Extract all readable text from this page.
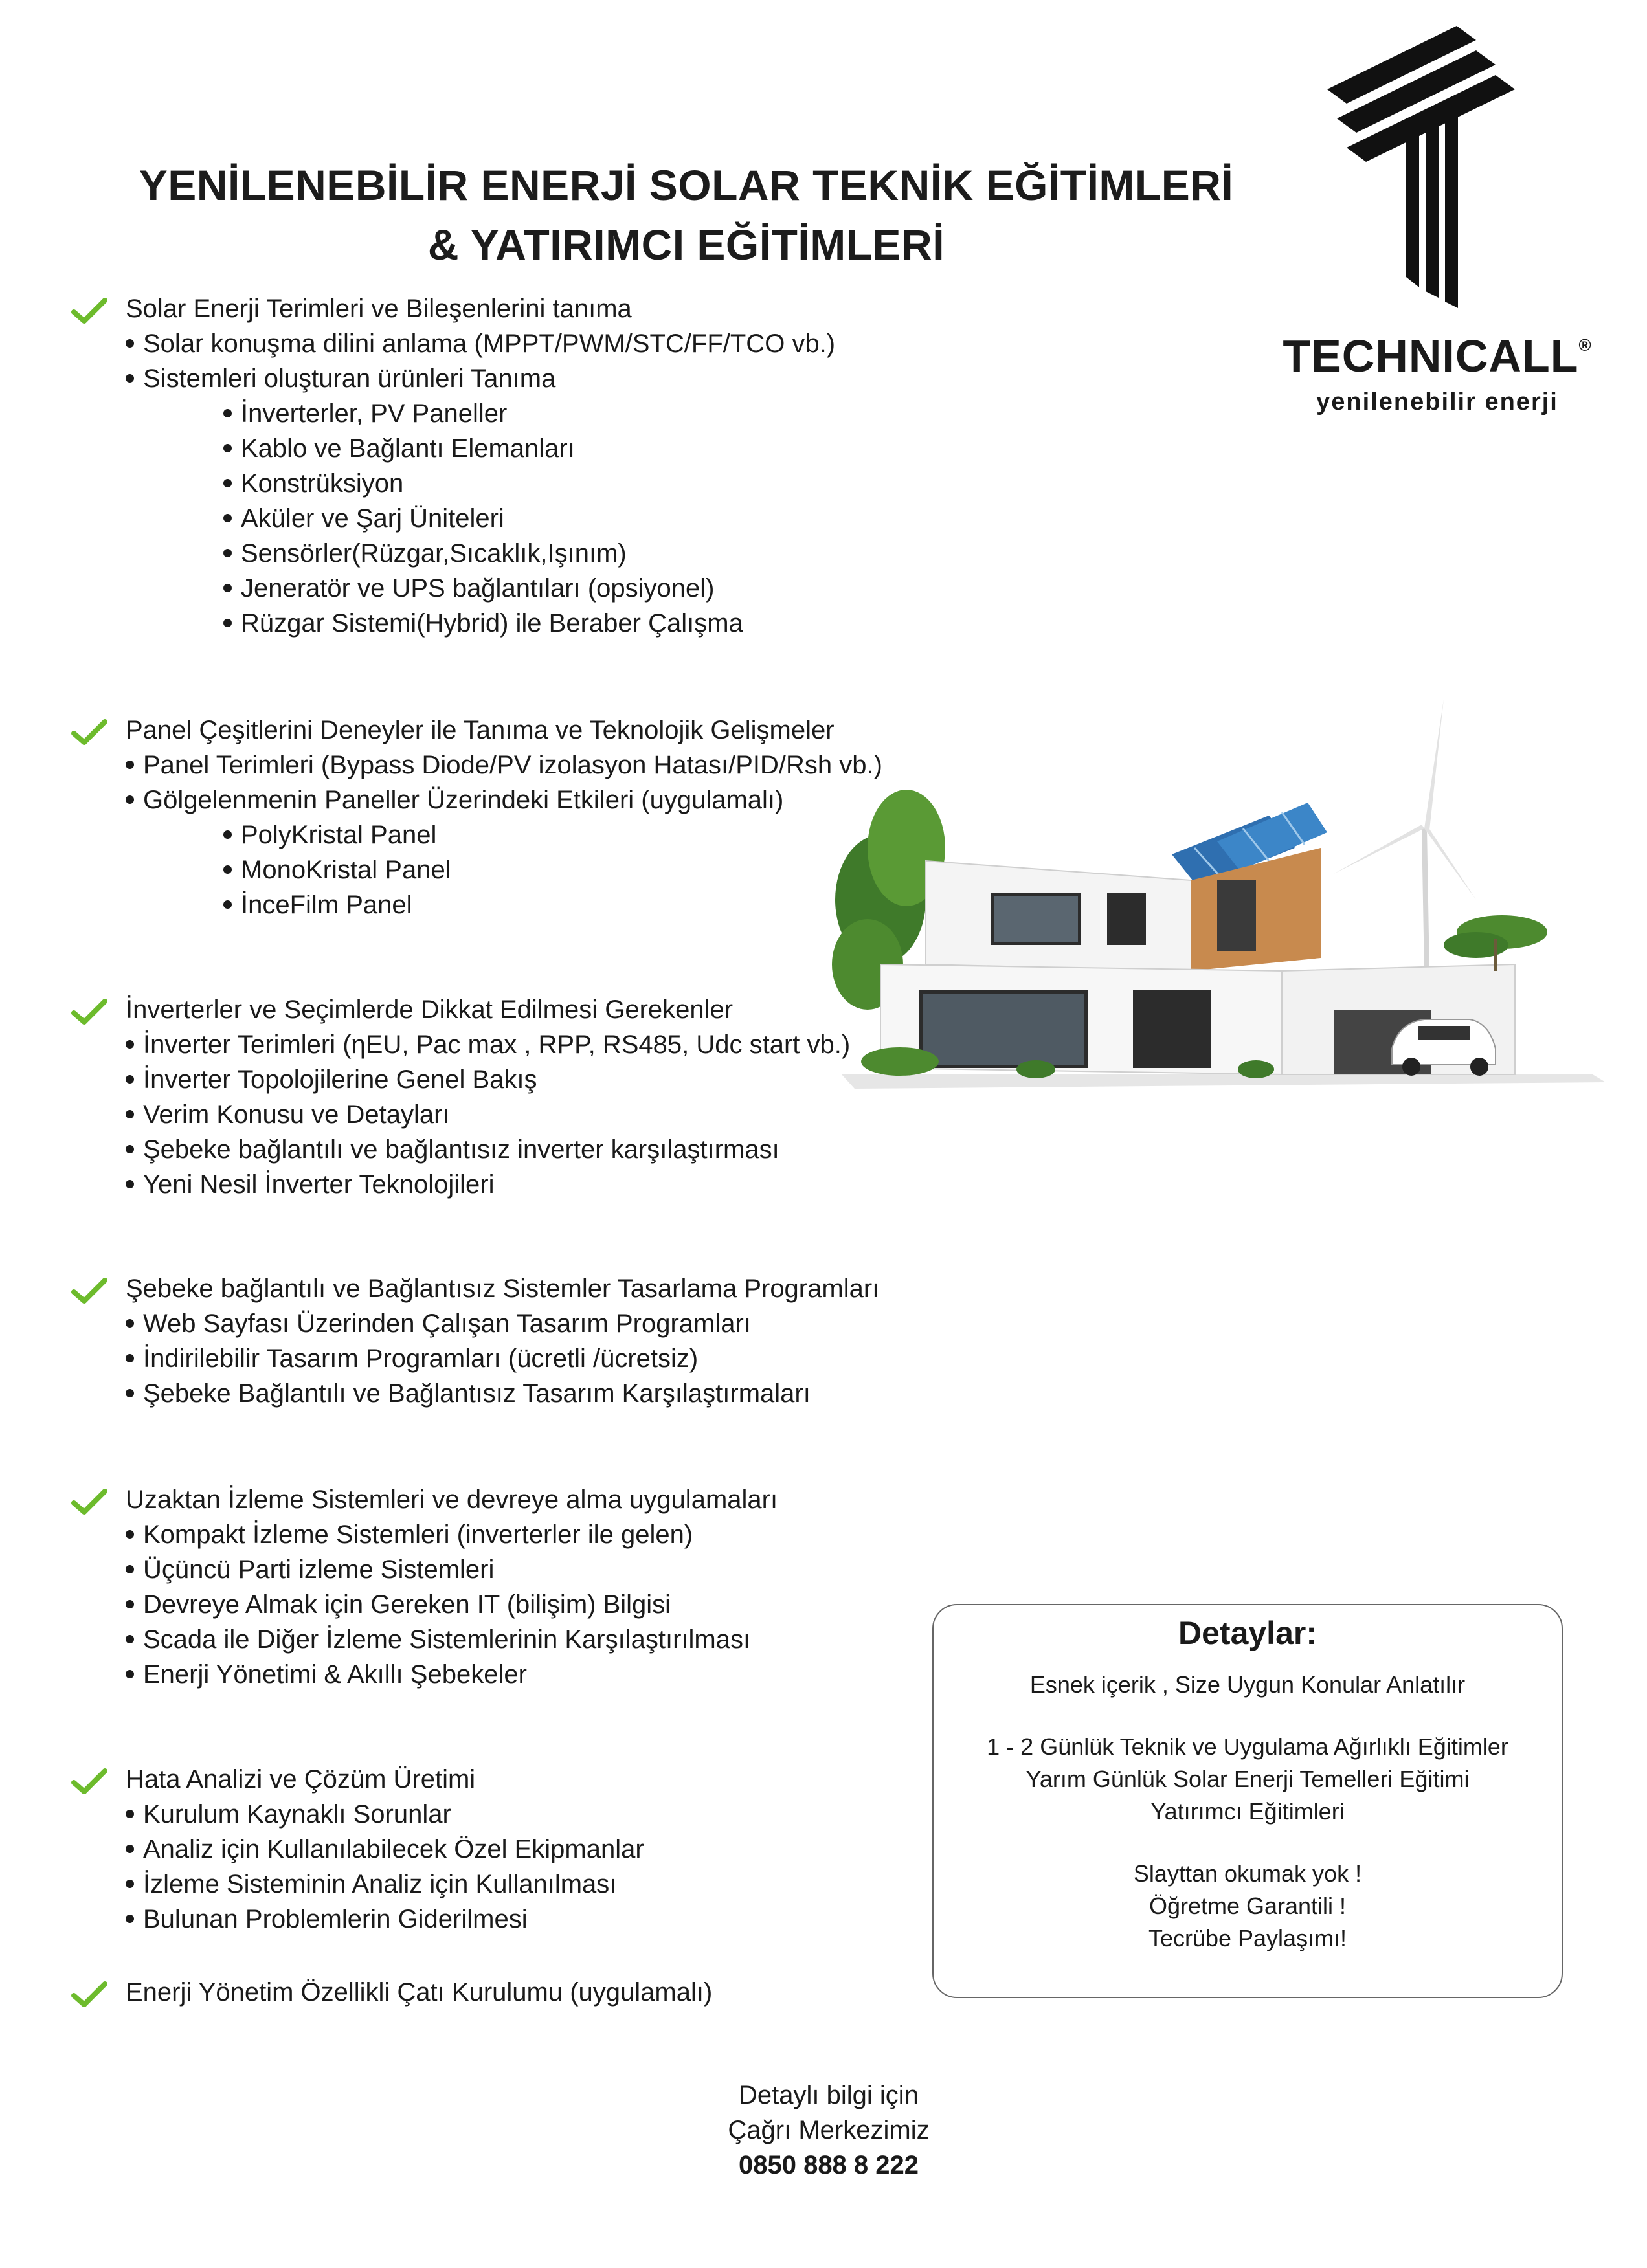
YENİLENEBİLİR ENERJİ SOLAR TEKNİK EĞİTİMLERİ
& YATIRIMCI EĞİTİMLERİ
TECHNICALL®
yenilenebilir enerji
Solar Enerji Terimleri ve Bileşenlerini tanıma
Solar konuşma dilini anlama (MPPT/PWM/STC/FF/TCO vb.)
Sistemleri oluşturan ürünleri Tanıma
İnverterler, PV Paneller
Kablo ve Bağlantı Elemanları
Konstrüksiyon
Aküler ve Şarj Üniteleri
Sensörler(Rüzgar,Sıcaklık,Işınım)
Jeneratör ve UPS bağlantıları (opsiyonel)
Rüzgar Sistemi(Hybrid) ile Beraber Çalışma
Panel Çeşitlerini Deneyler ile Tanıma ve Teknolojik Gelişmeler
Panel Terimleri (Bypass Diode/PV izolasyon Hatası/PID/Rsh vb.)
Gölgelenmenin Paneller Üzerindeki Etkileri (uygulamalı)
PolyKristal Panel
MonoKristal Panel
İnceFilm Panel
İnverterler ve Seçimlerde Dikkat Edilmesi Gerekenler
İnverter Terimleri (ηEU, Pac max , RPP, RS485, Udc start vb.)
İnverter Topolojilerine Genel Bakış
Verim Konusu ve Detayları
Şebeke bağlantılı ve bağlantısız inverter karşılaştırması
Yeni Nesil İnverter Teknolojileri
Şebeke bağlantılı ve Bağlantısız Sistemler Tasarlama Programları
Web Sayfası Üzerinden Çalışan Tasarım Programları
İndirilebilir Tasarım Programları (ücretli /ücretsiz)
Şebeke Bağlantılı ve Bağlantısız Tasarım Karşılaştırmaları
Uzaktan İzleme Sistemleri ve devreye alma uygulamaları
Kompakt İzleme Sistemleri (inverterler ile gelen)
Üçüncü Parti izleme Sistemleri
Devreye Almak için Gereken IT (bilişim) Bilgisi
Scada ile Diğer İzleme Sistemlerinin Karşılaştırılması
Enerji Yönetimi & Akıllı Şebekeler
Hata Analizi ve Çözüm Üretimi
Kurulum Kaynaklı Sorunlar
Analiz için Kullanılabilecek Özel Ekipmanlar
İzleme Sisteminin Analiz için Kullanılması
Bulunan Problemlerin Giderilmesi
Enerji Yönetim Özellikli Çatı Kurulumu (uygulamalı)
Detaylar:
Esnek içerik , Size Uygun Konular Anlatılır
1 - 2 Günlük Teknik ve Uygulama Ağırlıklı Eğitimler
Yarım Günlük Solar Enerji Temelleri Eğitimi
Yatırımcı Eğitimleri
Slayttan okumak yok !
Öğretme Garantili !
Tecrübe Paylaşımı!
Detaylı bilgi için
Çağrı Merkezimiz
0850 888 8 222
